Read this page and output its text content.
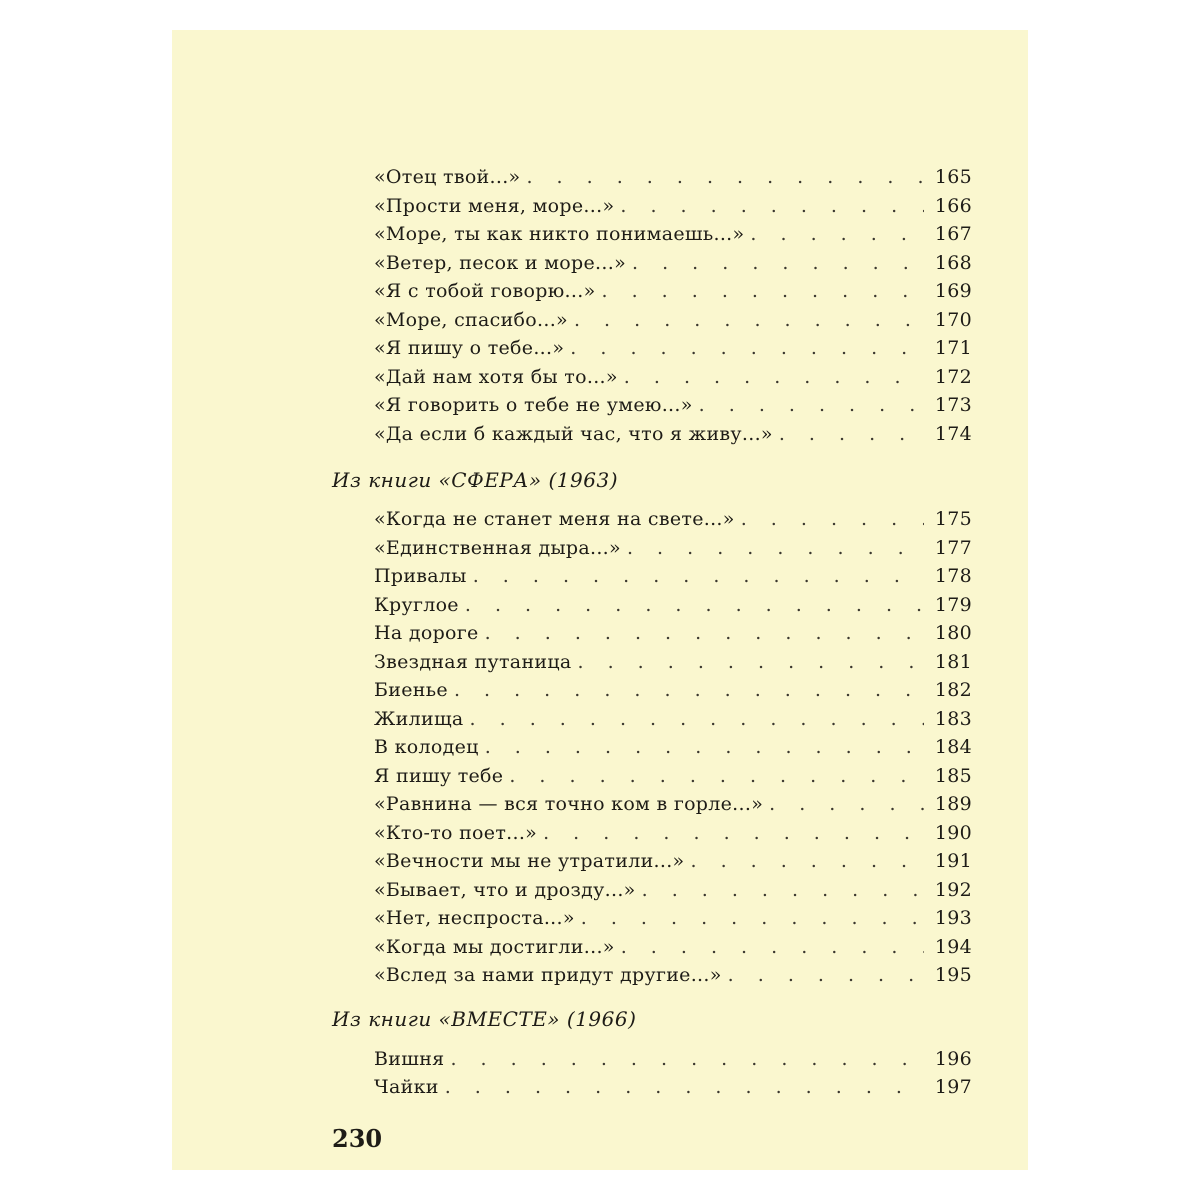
«Отец твой...» . . .	165
«Прости меня, море...» . . .	166
«Море, ты как никто понимаешь...» . . .	167
«Ветер, песок и море...» . . .	168
«Я с тобой говорю...» . . .	169
«Море, спасибо...» . . .	170
«Я пишу о тебе...» . . .	171
«Дай нам хотя бы то...» . . .	172
«Я говорить о тебе не умею...» . . .	173
«Да если б каждый час, что я живу...» . . .	174
Из книги «СФЕРА» (1963)
«Когда не станет меня на свете...» . . .	175
«Единственная дыра...» . . .	177
Привалы . . .	178
Круглое . . .	179
На дороге . . .	180
Звездная путаница . . .	181
Биенье . . .	182
Жилища . . .	183
В колодец . . .	184
Я пишу тебе . . .	185
«Равнина — вся точно ком в горле...» . . .	189
«Кто-то поет...» . . .	190
«Вечности мы не утратили...» . . .	191
«Бывает, что и дрозду...» . . .	192
«Нет, неспроста...» . . .	193
«Когда мы достигли...» . . .	194
«Вслед за нами придут другие...» . . .	195
Из книги «ВМЕСТЕ» (1966)
Вишня . . .	196
Чайки . . .	197
230
